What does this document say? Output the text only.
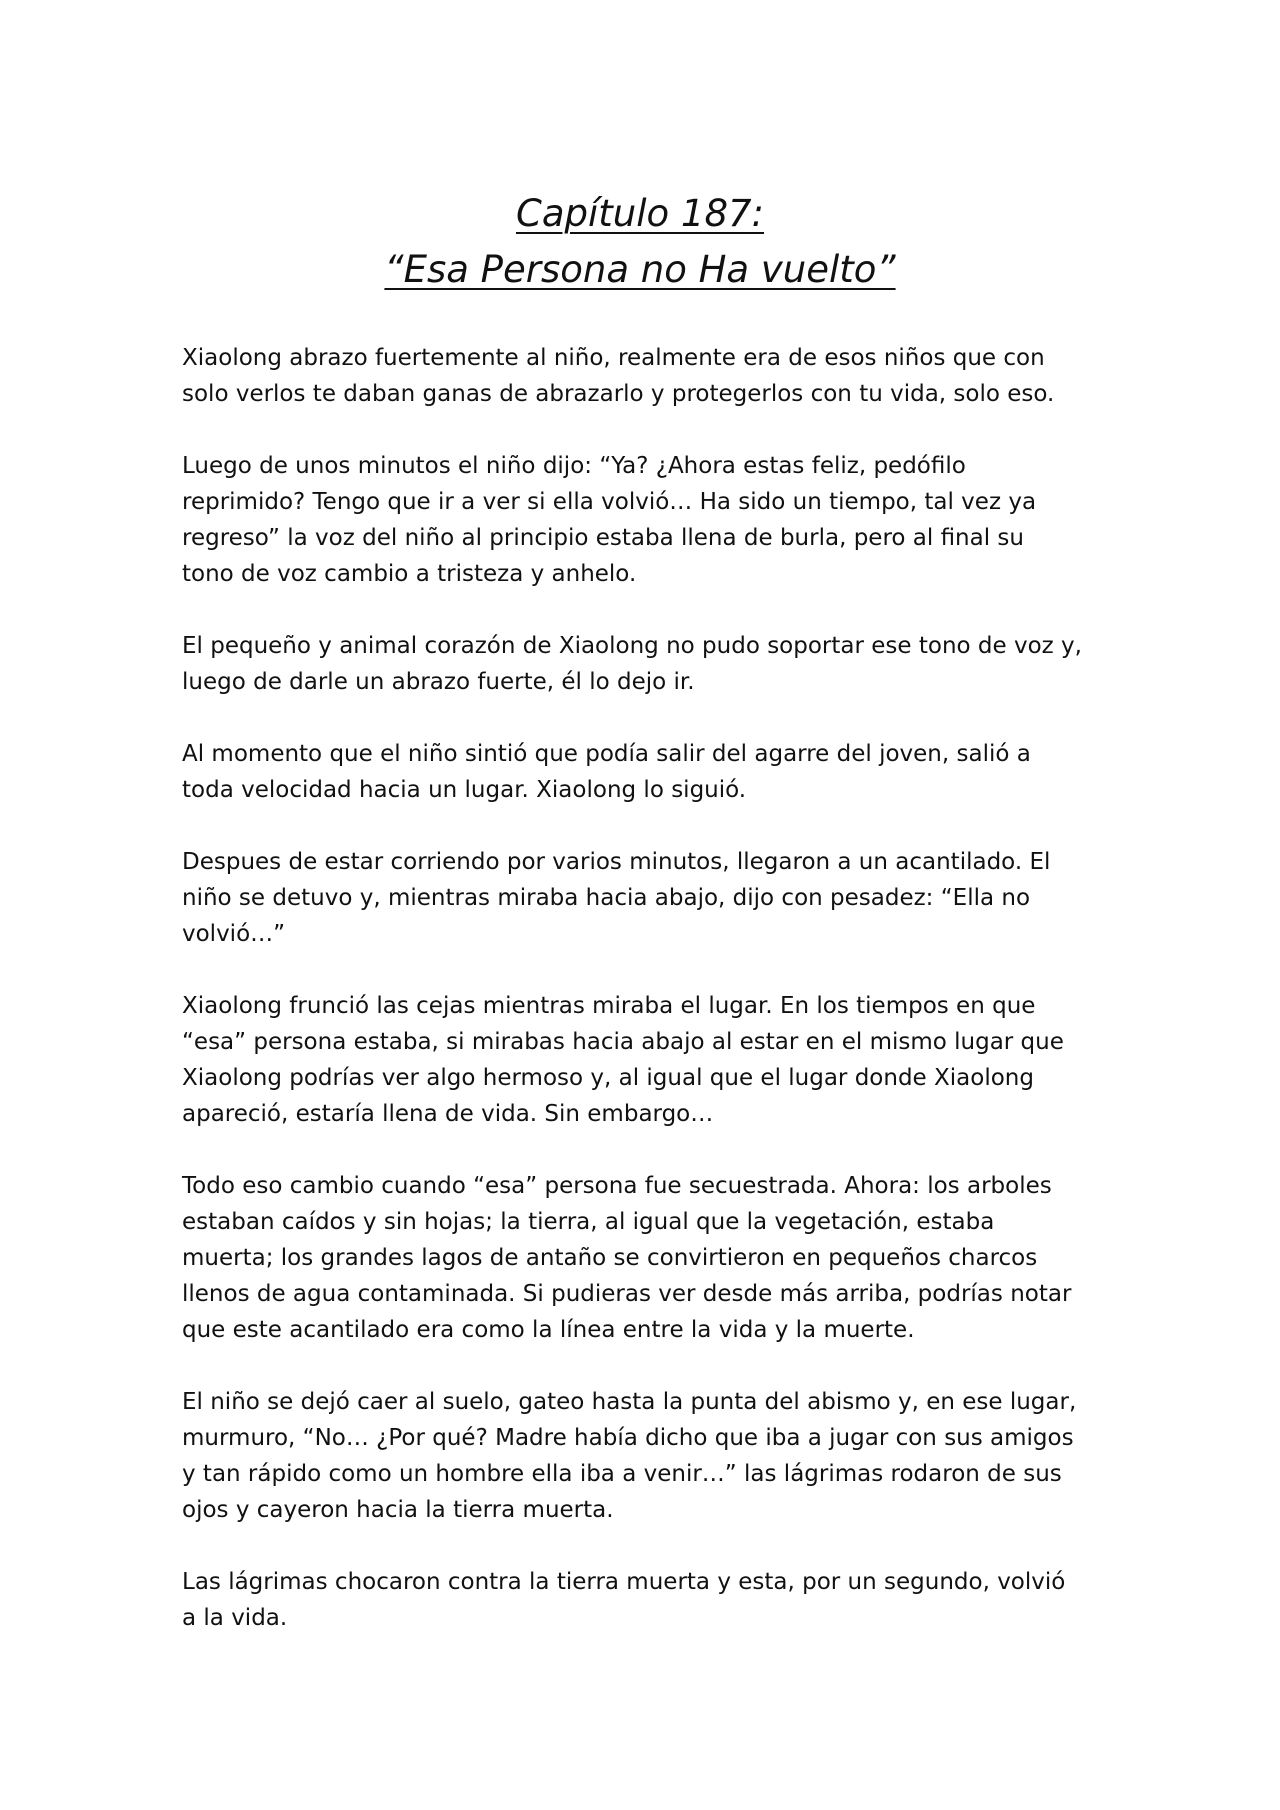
Capítulo 187:
“Esa Persona no Ha vuelto”

Xiaolong abrazo fuertemente al niño, realmente era de esos niños que con
solo verlos te daban ganas de abrazarlo y protegerlos con tu vida, solo eso.

Luego de unos minutos el niño dijo: “Ya? ¿Ahora estas feliz, pedófilo
reprimido? Tengo que ir a ver si ella volvió… Ha sido un tiempo, tal vez ya
regreso” la voz del niño al principio estaba llena de burla, pero al final su
tono de voz cambio a tristeza y anhelo.

El pequeño y animal corazón de Xiaolong no pudo soportar ese tono de voz y,
luego de darle un abrazo fuerte, él lo dejo ir.

Al momento que el niño sintió que podía salir del agarre del joven, salió a
toda velocidad hacia un lugar. Xiaolong lo siguió.

Despues de estar corriendo por varios minutos, llegaron a un acantilado. El
niño se detuvo y, mientras miraba hacia abajo, dijo con pesadez: “Ella no
volvió…”

Xiaolong frunció las cejas mientras miraba el lugar. En los tiempos en que
“esa” persona estaba, si mirabas hacia abajo al estar en el mismo lugar que
Xiaolong podrías ver algo hermoso y, al igual que el lugar donde Xiaolong
apareció, estaría llena de vida. Sin embargo…

Todo eso cambio cuando “esa” persona fue secuestrada. Ahora: los arboles
estaban caídos y sin hojas; la tierra, al igual que la vegetación, estaba
muerta; los grandes lagos de antaño se convirtieron en pequeños charcos
llenos de agua contaminada. Si pudieras ver desde más arriba, podrías notar
que este acantilado era como la línea entre la vida y la muerte.

El niño se dejó caer al suelo, gateo hasta la punta del abismo y, en ese lugar,
murmuro, “No… ¿Por qué? Madre había dicho que iba a jugar con sus amigos
y tan rápido como un hombre ella iba a venir…” las lágrimas rodaron de sus
ojos y cayeron hacia la tierra muerta.

Las lágrimas chocaron contra la tierra muerta y esta, por un segundo, volvió
a la vida.
